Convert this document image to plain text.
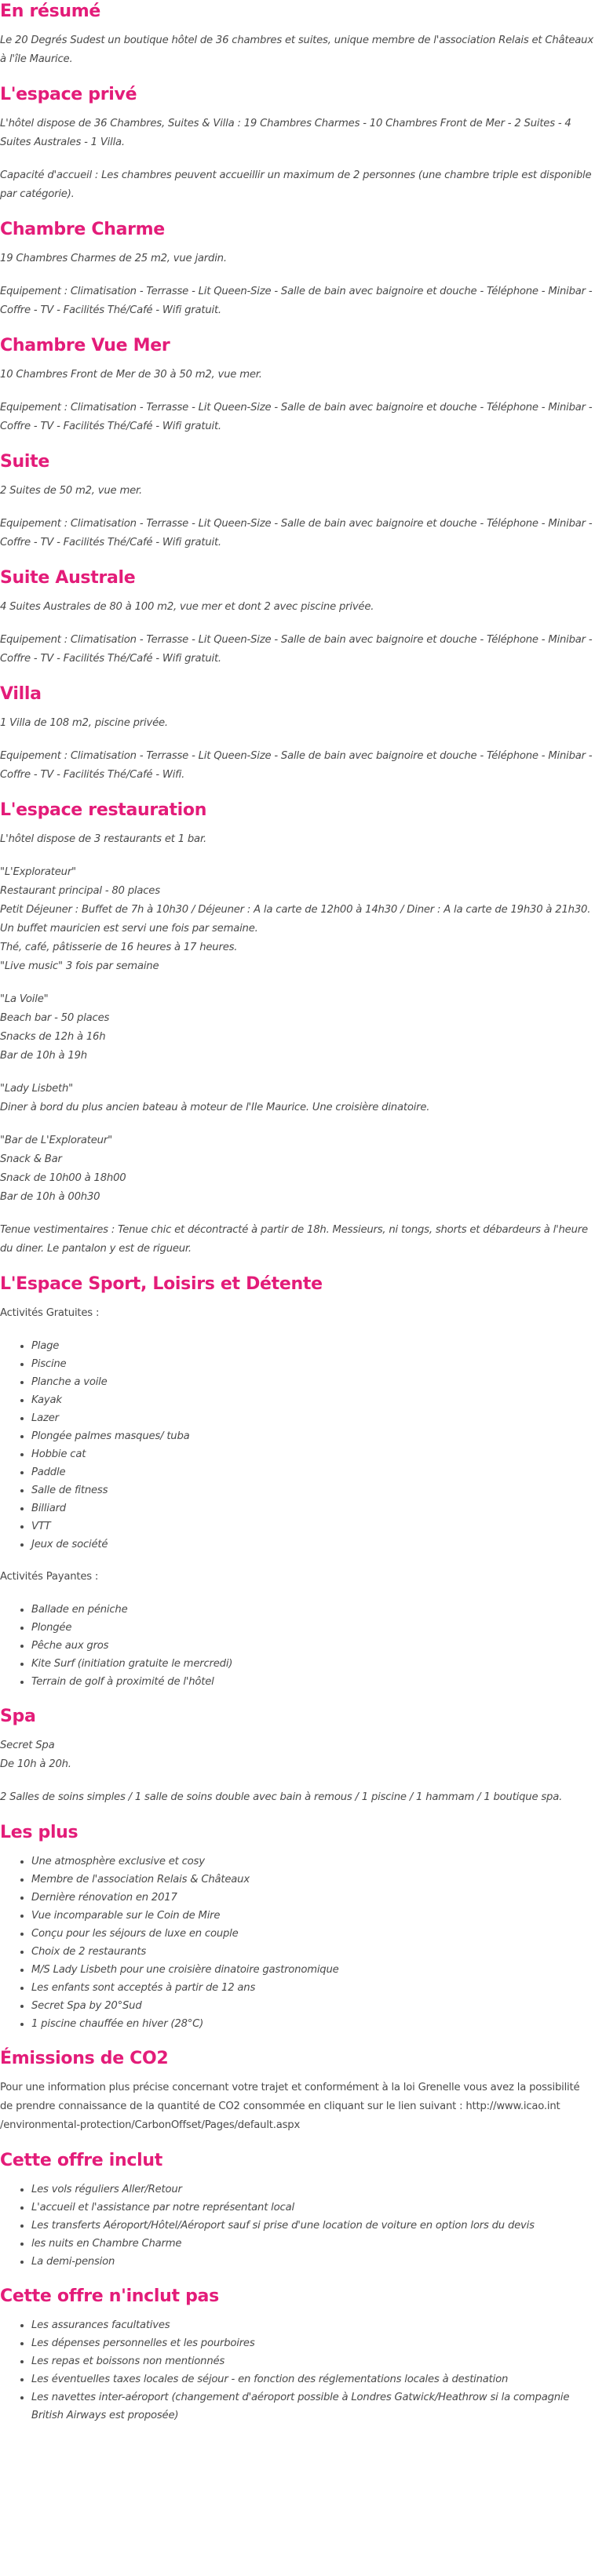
En résumé

Le 20 Degrés Sudest un boutique hôtel de 36 chambres et suites, unique membre de l'association Relais et Châteaux à l'île Maurice.

L'espace privé

L'hôtel dispose de 36 Chambres, Suites & Villa : 19 Chambres Charmes - 10 Chambres Front de Mer - 2 Suites - 4 Suites Australes - 1 Villa.

Capacité d'accueil : Les chambres peuvent accueillir un maximum de 2 personnes (une chambre triple est disponible par catégorie).

Chambre Charme

19 Chambres Charmes de 25 m2, vue jardin.

Equipement : Climatisation - Terrasse - Lit Queen-Size - Salle de bain avec baignoire et douche - Téléphone - Minibar - Coffre - TV - Facilités Thé/Café - Wifi gratuit.

Chambre Vue Mer

10 Chambres Front de Mer de 30 à 50 m2, vue mer.

Equipement : Climatisation - Terrasse - Lit Queen-Size - Salle de bain avec baignoire et douche - Téléphone - Minibar - Coffre - TV - Facilités Thé/Café - Wifi gratuit.

Suite

2 Suites de 50 m2, vue mer.

Equipement : Climatisation - Terrasse - Lit Queen-Size - Salle de bain avec baignoire et douche - Téléphone - Minibar - Coffre - TV - Facilités Thé/Café - Wifi gratuit.

Suite Australe

4 Suites Australes de 80 à 100 m2, vue mer et dont 2 avec piscine privée.

Equipement : Climatisation - Terrasse - Lit Queen-Size - Salle de bain avec baignoire et douche - Téléphone - Minibar - Coffre - TV - Facilités Thé/Café - Wifi gratuit.

Villa

1 Villa de 108 m2, piscine privée.

Equipement : Climatisation - Terrasse - Lit Queen-Size - Salle de bain avec baignoire et douche - Téléphone - Minibar - Coffre - TV - Facilités Thé/Café - Wifi.

L'espace restauration

L'hôtel dispose de 3 restaurants et 1 bar.

"L'Explorateur"
Restaurant principal - 80 places
Petit Déjeuner : Buffet de 7h à 10h30 / Déjeuner : A la carte de 12h00 à 14h30 / Diner : A la carte de 19h30 à 21h30. Un buffet mauricien est servi une fois par semaine.
Thé, café, pâtisserie de 16 heures à 17 heures.
"Live music" 3 fois par semaine

"La Voile"
Beach bar - 50 places
Snacks de 12h à 16h
Bar de 10h à 19h

"Lady Lisbeth"
Diner à bord du plus ancien bateau à moteur de l'Ile Maurice. Une croisière dinatoire.

"Bar de L'Explorateur"
Snack & Bar
Snack de 10h00 à 18h00
Bar de 10h à 00h30

Tenue vestimentaires : Tenue chic et décontracté à partir de 18h. Messieurs, ni tongs, shorts et débardeurs à l'heure du diner. Le pantalon y est de rigueur.

L'Espace Sport, Loisirs et Détente

Activités Gratuites :

• Plage
• Piscine
• Planche a voile
• Kayak
• Lazer
• Plongée palmes masques/ tuba
• Hobbie cat
• Paddle
• Salle de fitness
• Billiard
• VTT
• Jeux de société

Activités Payantes :

• Ballade en péniche
• Plongée
• Pêche aux gros
• Kite Surf (initiation gratuite le mercredi)
• Terrain de golf à proximité de l'hôtel
Spa

Secret Spa
De 10h à 20h.

2 Salles de soins simples / 1 salle de soins double avec bain à remous / 1 piscine / 1 hammam / 1 boutique spa.

Les plus
• Une atmosphère exclusive et cosy
• Membre de l'association Relais & Châteaux
• Dernière rénovation en 2017
• Vue incomparable sur le Coin de Mire
• Conçu pour les séjours de luxe en couple
• Choix de 2 restaurants
• M/S Lady Lisbeth pour une croisière dinatoire gastronomique
• Les enfants sont acceptés à partir de 12 ans
• Secret Spa by 20°Sud
• 1 piscine chauffée en hiver (28°C)
Émissions de CO2

Pour une information plus précise concernant votre trajet et conformément à la loi Grenelle vous avez la possibilité de prendre connaissance de la quantité de CO2 consommée en cliquant sur le lien suivant : http://www.icao.int /environmental-protection/CarbonOffset/Pages/default.aspx

Cette offre inclut
• Les vols réguliers Aller/Retour
• L'accueil et l'assistance par notre représentant local
• Les transferts Aéroport/Hôtel/Aéroport sauf si prise d'une location de voiture en option lors du devis
• les nuits en Chambre Charme
• La demi-pension
Cette offre n'inclut pas
• Les assurances facultatives
• Les dépenses personnelles et les pourboires
• Les repas et boissons non mentionnés
• Les éventuelles taxes locales de séjour - en fonction des réglementations locales à destination
• Les navettes inter-aéroport (changement d'aéroport possible à Londres Gatwick/Heathrow si la compagnie British Airways est proposée)
